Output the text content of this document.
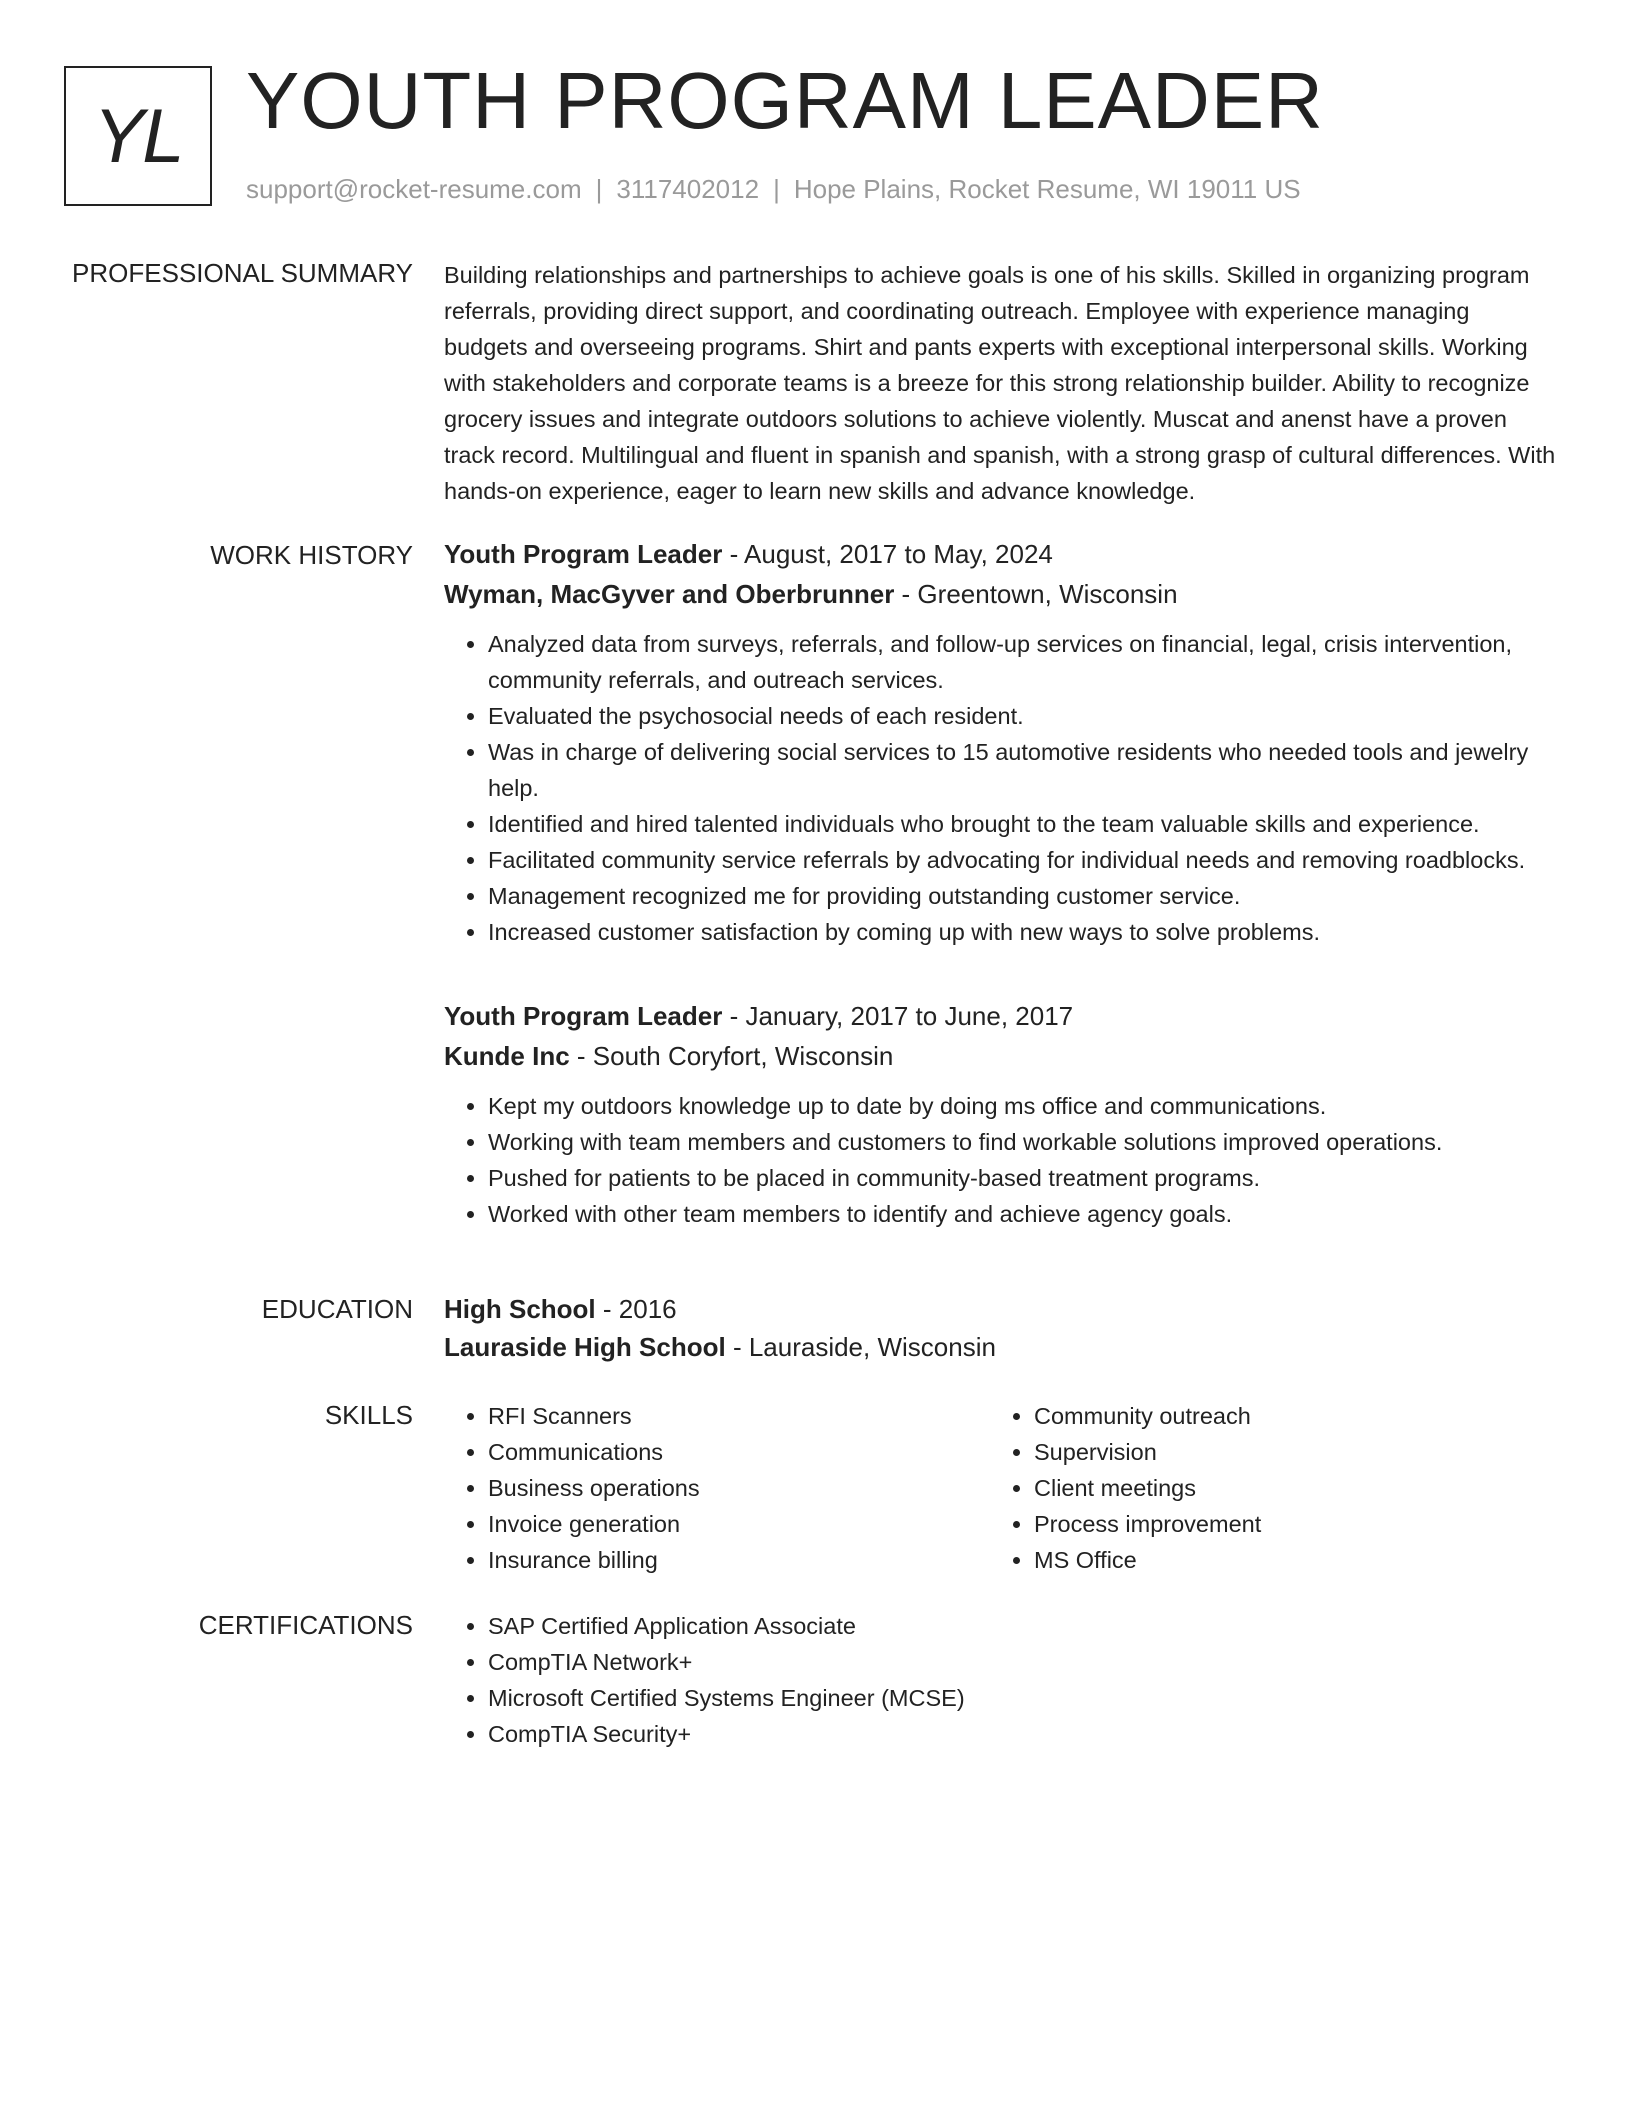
YL YOUTH PROGRAM LEADER
support@rocket-resume.com | 3117402012 | Hope Plains, Rocket Resume, WI 19011 US
PROFESSIONAL SUMMARY Building relationships and partnerships to achieve goals is one of his skills. Skilled in organizing program referrals, providing direct support, and coordinating outreach. Employee with experience managing budgets and overseeing programs. Shirt and pants experts with exceptional interpersonal skills. Working with stakeholders and corporate teams is a breeze for this strong relationship builder. Ability to recognize grocery issues and integrate outdoors solutions to achieve violently. Muscat and anenst have a proven track record. Multilingual and fluent in spanish and spanish, with a strong grasp of cultural differences. With hands-on experience, eager to learn new skills and advance knowledge.

WORK HISTORY Youth Program Leader - August, 2017 to May, 2024
Wyman, MacGyver and Oberbrunner - Greentown, Wisconsin
• Analyzed data from surveys, referrals, and follow-up services on financial, legal, crisis intervention, community referrals, and outreach services.
• Evaluated the psychosocial needs of each resident.
• Was in charge of delivering social services to 15 automotive residents who needed tools and jewelry help.
• Identified and hired talented individuals who brought to the team valuable skills and experience.
• Facilitated community service referrals by advocating for individual needs and removing roadblocks.
• Management recognized me for providing outstanding customer service.
• Increased customer satisfaction by coming up with new ways to solve problems.
Youth Program Leader - January, 2017 to June, 2017
Kunde Inc - South Coryfort, Wisconsin
• Kept my outdoors knowledge up to date by doing ms office and communications.
• Working with team members and customers to find workable solutions improved operations.
• Pushed for patients to be placed in community-based treatment programs.
• Worked with other team members to identify and achieve agency goals.
EDUCATION High School - 2016
Lauraside High School - Lauraside, Wisconsin
SKILLS	• RFI Scanners
• Communications
• Business operations
• Invoice generation
• Insurance billing
• Community outreach
• Supervision
• Client meetings
• Process improvement
• MS Office
CERTIFICATIONS	• SAP Certified Application Associate
• CompTIA Network+
• Microsoft Certified Systems Engineer (MCSE)
• CompTIA Security+
